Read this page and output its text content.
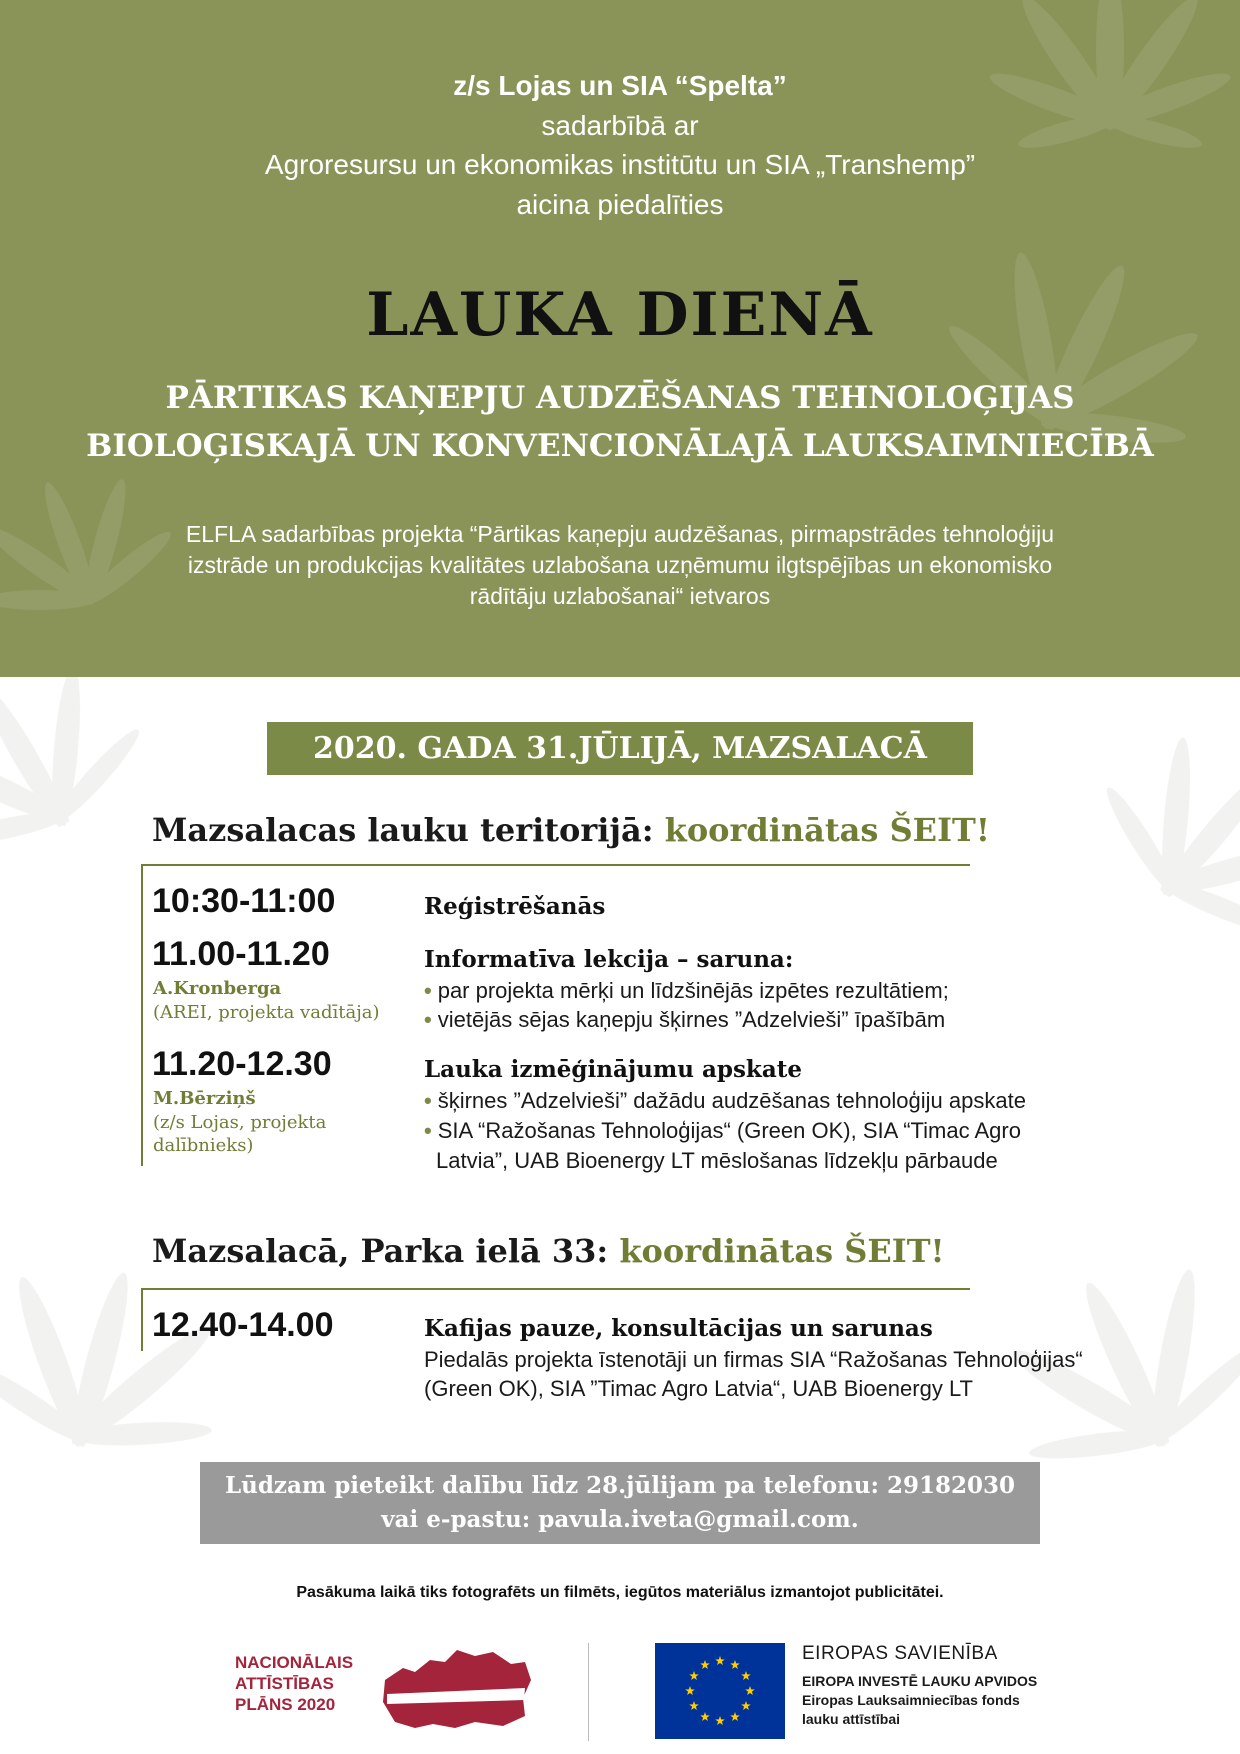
z/s Lojas un SIA “Spelta”
sadarbībā ar
Agroresursu un ekonomikas institūtu un SIA „Transhemp”
aicina piedalīties
LAUKA DIENĀ
PĀRTIKAS KAŅEPJU AUDZĒŠANAS TEHNOLOĢIJAS
BIOLOĢISKAJĀ UN KONVENCIONĀLAJĀ LAUKSAIMNIECĪBĀ
ELFLA sadarbības projekta “Pārtikas kaņepju audzēšanas, pirmapstrādes tehnoloģiju
izstrāde un produkcijas kvalitātes uzlabošana uzņēmumu ilgtspējības un ekonomisko
rādītāju uzlabošanai“ ietvaros
2020. GADA 31.JŪLIJĀ, MAZSALACĀ
Mazsalacas lauku teritorijā: koordinātas ŠEIT!
10:30-11:00	Reģistrēšanās
11.00-11.20
A.Kronberga
(AREI, projekta vadītāja)
Informatīva lekcija – saruna:
• par projekta mērķi un līdzšinējās izpētes rezultātiem;
• vietējās sējas kaņepju šķirnes ”Adzelvieši” īpašībām
11.20-12.30
M.Bērziņš
(z/s Lojas, projekta
dalībnieks)
Lauka izmēģinājumu apskate
• šķirnes ”Adzelvieši” dažādu audzēšanas tehnoloģiju apskate
• SIA “Ražošanas Tehnoloģijas“ (Green OK), SIA “Timac Agro
Latvia”, UAB Bioenergy LT mēslošanas līdzekļu pārbaude
Mazsalacā, Parka ielā 33: koordinātas ŠEIT!
12.40-14.00	Kafijas pauze, konsultācijas un sarunas
Piedalās projekta īstenotāji un firmas SIA “Ražošanas Tehnoloģijas“
(Green OK), SIA ”Timac Agro Latvia“, UAB Bioenergy LT
Lūdzam pieteikt dalību līdz 28.jūlijam pa telefonu: 29182030
vai e-pastu: pavula.iveta@gmail.com.
Pasākuma laikā tiks fotografēts un filmēts, iegūtos materiālus izmantojot publicitātei.
NACIONĀLAIS
ATTĪSTĪBAS
PLĀNS 2020
EIROPAS SAVIENĪBA
EIROPA INVESTĒ LAUKU APVIDOS
Eiropas Lauksaimniecības fonds
lauku attīstībai
